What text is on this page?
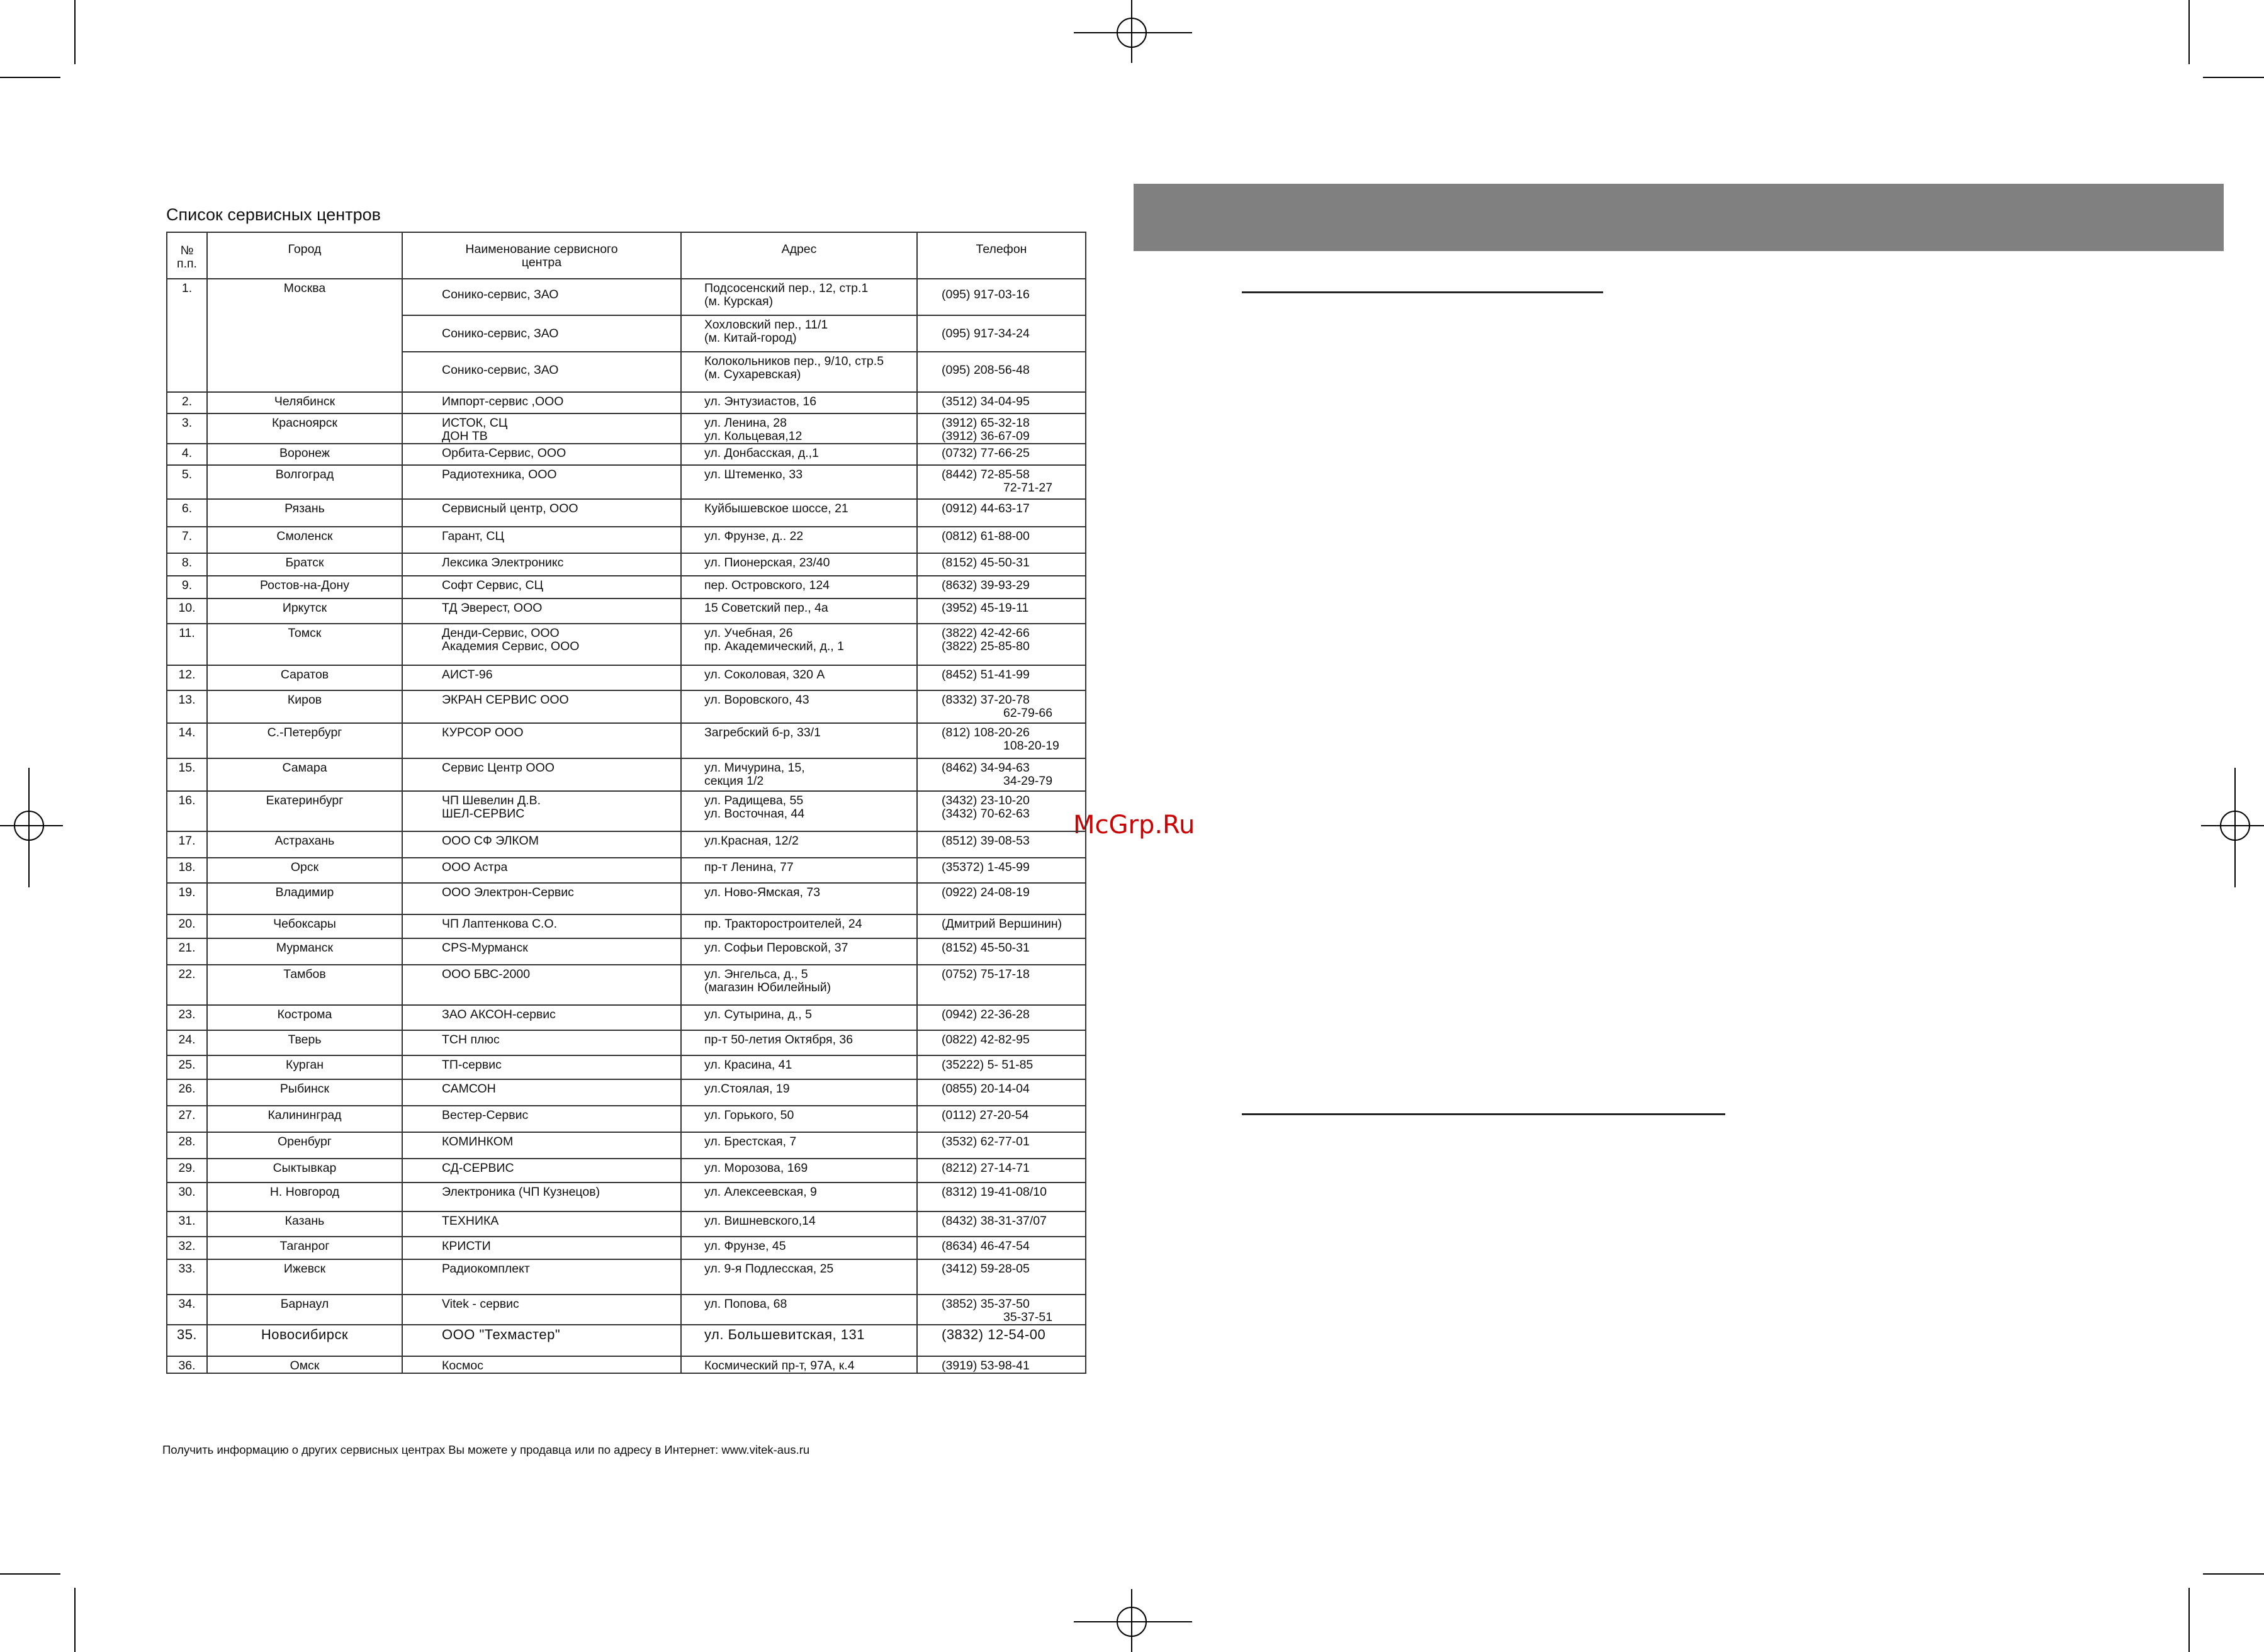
McGrp.Ru
Список сервисных центров
№ п.п.	Город	Наименование сервисного центра	Адрес	Телефон

1.	Москва	Сонико-сервис, ЗАО	Подсосенский пер., 12, стр.1
(м. Курская)	(095) 917-03-16

		Сонико-сервис, ЗАО	Хохловский пер., 11/1
(м. Китай-город)	(095) 917-34-24

		Сонико-сервис, ЗАО	Колокольников пер., 9/10, стр.5
(м. Сухаревская)	(095) 208-56-48

2.	Челябинск	Импорт-сервис ,ООО	ул. Энтузиастов, 16	(3512) 34-04-95

3.	Красноярск	ИСТОК, СЦ
ДОН ТВ	ул. Ленина, 28
ул. Кольцевая,12	(3912) 65-32-18
(3912) 36-67-09

4.	Воронеж	Орбита-Сервис, ООО	ул. Донбасская, д.,1	(0732) 77-66-25

5.	Волгоград	Радиотехника, ООО	ул. Штеменко, 33	(8442) 72-85-58
72-71-27

6.	Рязань	Сервисный центр, ООО	Куйбышевское шоссе, 21	(0912) 44-63-17

7.	Смоленск	Гарант, СЦ	ул. Фрунзе, д.. 22	(0812) 61-88-00

8.	Братск	Лексика Электроникс	ул. Пионерская, 23/40	(8152) 45-50-31

9.	Ростов-на-Дону	Софт Сервис, СЦ	пер. Островского, 124	(8632) 39-93-29

10.	Иркутск	ТД Эверест, ООО	15 Советский пер., 4а	(3952) 45-19-11

11.	Томск	Денди-Сервис, ООО
Академия Сервис, ООО	ул. Учебная, 26
пр. Академический, д., 1	(3822) 42-42-66
(3822) 25-85-80

12.	Саратов	АИСТ-96	ул. Соколовая, 320 А	(8452) 51-41-99

13.	Киров	ЭКРАН СЕРВИС ООО	ул. Воровского, 43	(8332) 37-20-78
62-79-66

14.	С.-Петербург	КУРСОР ООО	Загребский б-р, 33/1	(812) 108-20-26
108-20-19

15.	Самара	Сервис Центр ООО	ул. Мичурина, 15,
секция 1/2	(8462) 34-94-63
34-29-79

16.	Екатеринбург	ЧП Шевелин Д.В.
ШЕЛ-СЕРВИС	ул. Радищева, 55
ул. Восточная, 44	(3432) 23-10-20
(3432) 70-62-63

17.	Астрахань	ООО СФ ЭЛКОМ	ул.Красная, 12/2	(8512) 39-08-53

18.	Орск	ООО Астра	пр-т Ленина, 77	(35372) 1-45-99

19.	Владимир	ООО Электрон-Сервис	ул. Ново-Ямская, 73	(0922) 24-08-19

20.	Чебоксары	ЧП Лаптенкова С.О.	пр. Тракторостроителей, 24	(Дмитрий Вершинин)

21.	Мурманск	CPS-Мурманск	ул. Софьи Перовской, 37	(8152) 45-50-31

22.	Тамбов	ООО БВС-2000	ул. Энгельса, д., 5
(магазин Юбилейный)	(0752) 75-17-18

23.	Кострома	ЗАО АКСОН-сервис	ул. Сутырина, д., 5	(0942) 22-36-28

24.	Тверь	ТСН плюс	пр-т 50-летия Октября, 36	(0822) 42-82-95

25.	Курган	ТП-сервис	ул. Красина, 41	(35222) 5- 51-85

26.	Рыбинск	САМСОН	ул.Стоялая, 19	(0855) 20-14-04

27.	Калининград	Вестер-Сервис	ул. Горького, 50	(0112) 27-20-54

28.	Оренбург	КОМИНКОМ	ул. Брестская, 7	(3532) 62-77-01

29.	Сыктывкар	СД-СЕРВИС	ул. Морозова, 169	(8212) 27-14-71

30.	Н. Новгород	Электроника (ЧП Кузнецов)	ул. Алексеевская, 9	(8312) 19-41-08/10

31.	Казань	ТЕХНИКА	ул. Вишневского,14	(8432) 38-31-37/07

32.	Таганрог	КРИСТИ	ул. Фрунзе, 45	(8634) 46-47-54

33.	Ижевск	Радиокомплект	ул. 9-я Подлесская, 25	(3412) 59-28-05

34.	Барнаул	Vitek - сервис	ул. Попова, 68	(3852) 35-37-50
35-37-51

35.	Новосибирск	ООО "Техмастер"	ул. Большевитская, 131	(3832) 12-54-00

36.	Омск	Космос	Космический пр-т, 97А, к.4	(3919) 53-98-41
Получить информацию о других сервисных центрах Вы можете у продавца или по адресу в Интернет: www.vitek-aus.ru
